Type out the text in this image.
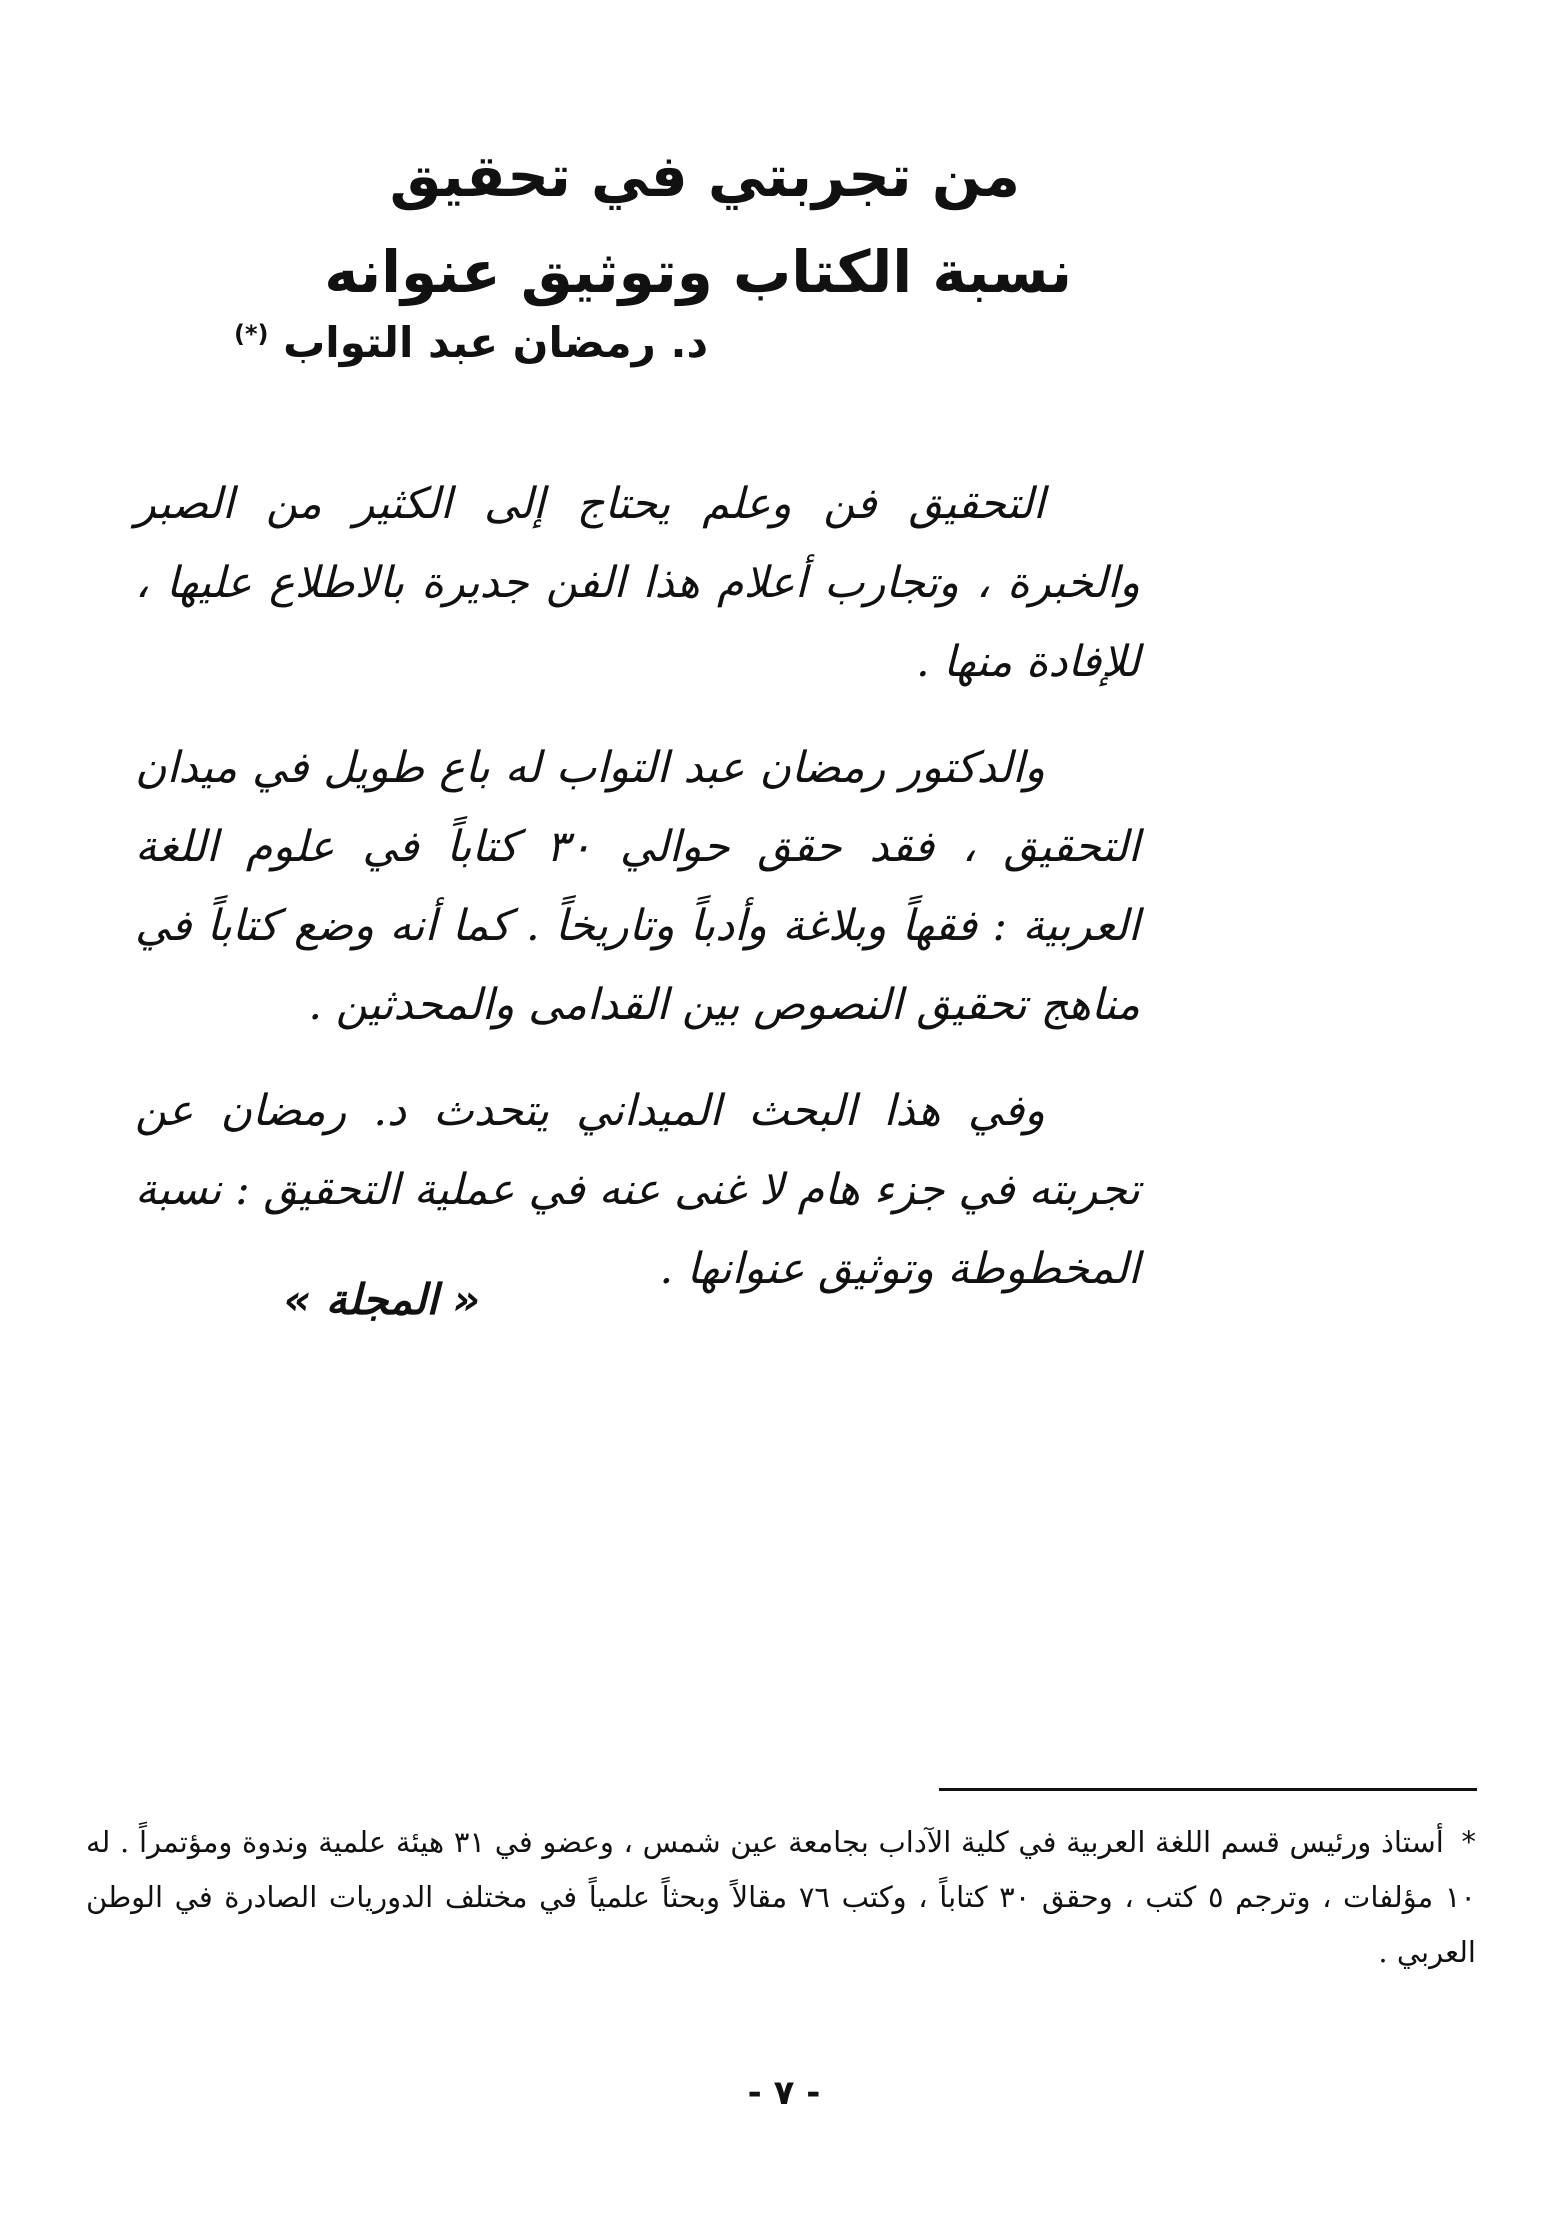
من تجربتي في تحقيق
نسبة الكتاب وتوثيق عنوانه
د. رمضان عبد التواب (*)

التحقيق فن وعلم يحتاج إلى الكثير من الصبر والخبرة ، وتجارب أعلام هذا الفن جديرة بالاطلاع عليها ، للإفادة منها .

والدكتور رمضان عبد التواب له باع طويل في ميدان التحقيق ، فقد حقق حوالي ٣٠ كتاباً في علوم اللغة العربية : فقهاً وبلاغة وأدباً وتاريخاً . كما أنه وضع كتاباً في مناهج تحقيق النصوص بين القدامى والمحدثين .

وفي هذا البحث الميداني يتحدث د. رمضان عن تجربته في جزء هام لا غنى عنه في عملية التحقيق : نسبة المخطوطة وتوثيق عنوانها .

« المجلة »
* أستاذ ورئيس قسم اللغة العربية في كلية الآداب بجامعة عين شمس ، وعضو في ٣١ هيئة علمية وندوة ومؤتمراً . له ١٠ مؤلفات ، وترجم ٥ كتب ، وحقق ٣٠ كتاباً ، وكتب ٧٦ مقالاً وبحثاً علمياً في مختلف الدوريات الصادرة في الوطن العربي .
- ٧ -
